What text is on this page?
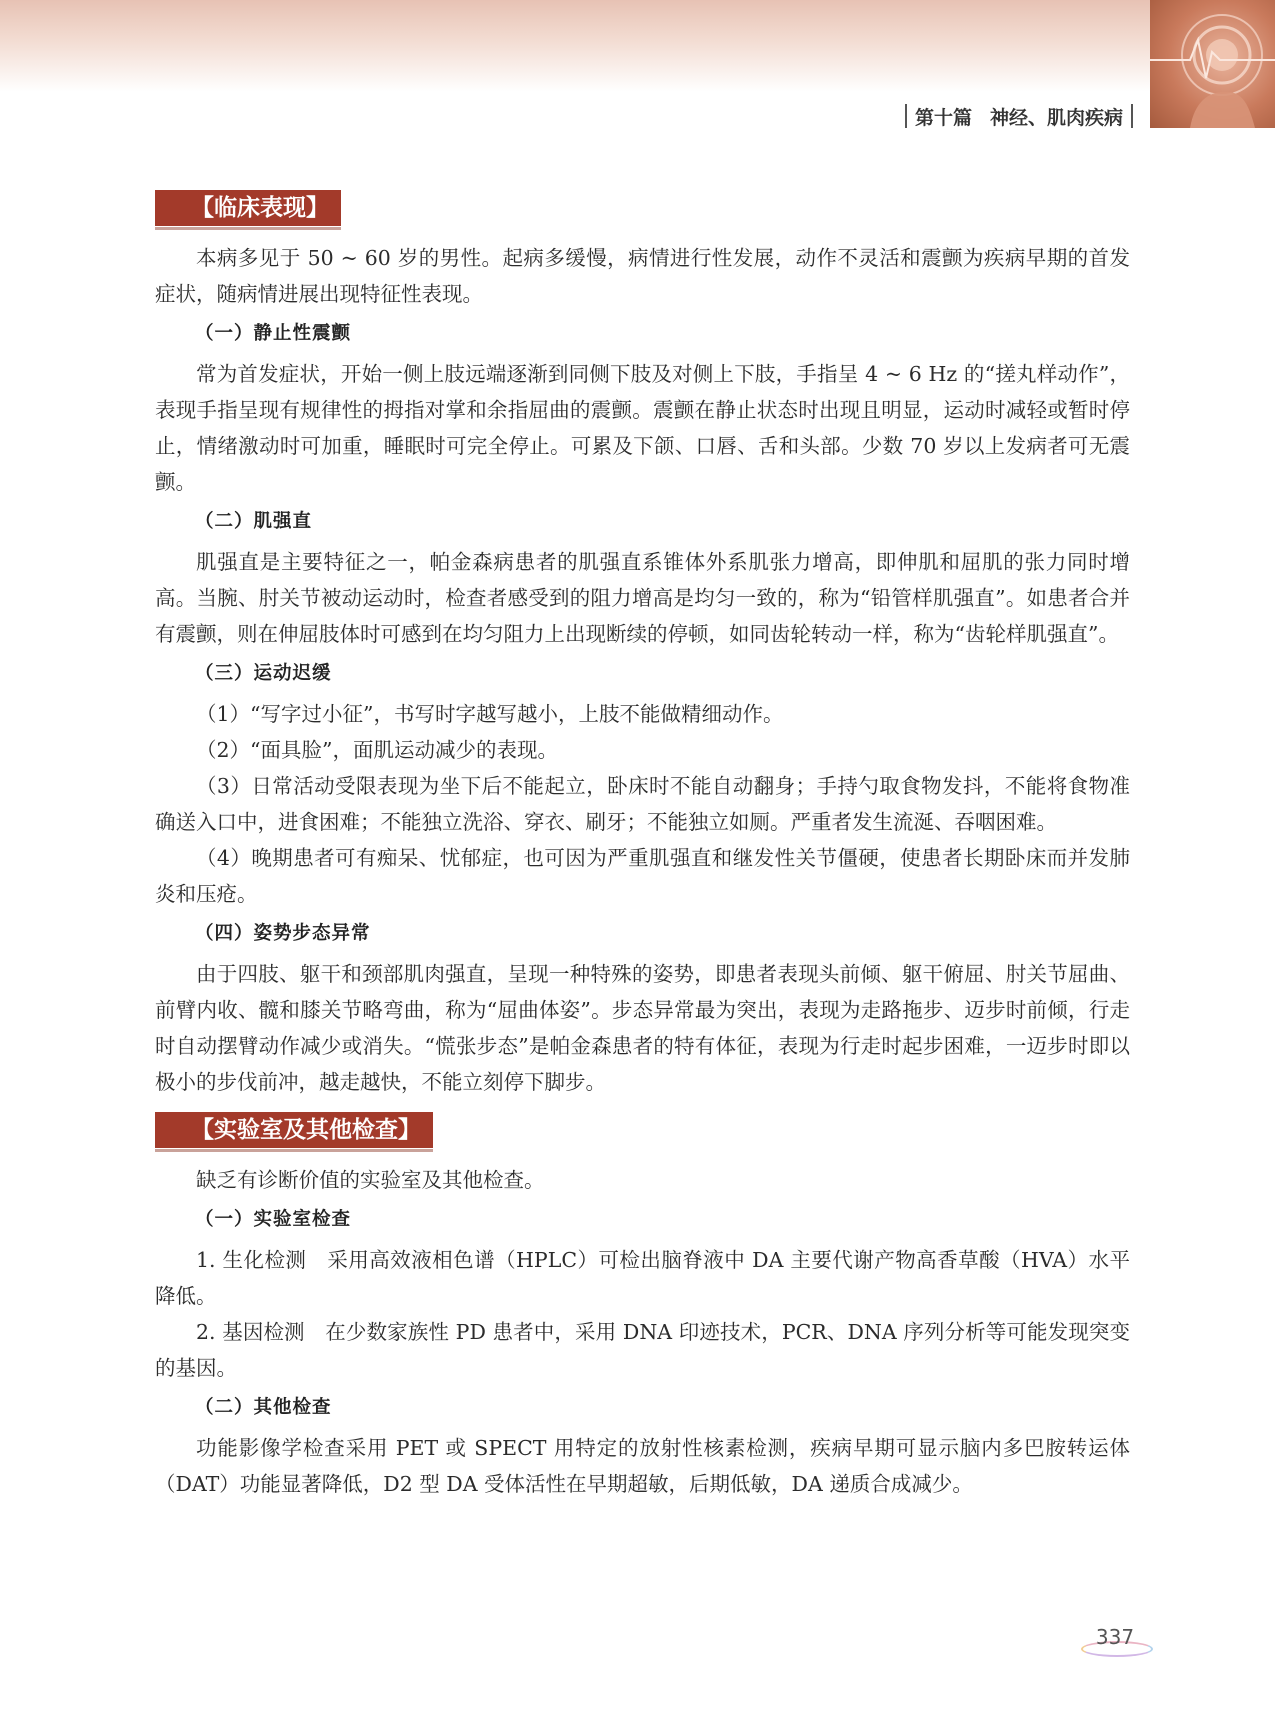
第十篇 神经、肌肉疾病
【临床表现】

本病多见于 50 ~ 60 岁的男性。起病多缓慢，病情进行性发展，动作不灵活和震颤为疾病早期的首发症状，随病情进展出现特征性表现。

（一）静止性震颤

常为首发症状，开始一侧上肢远端逐渐到同侧下肢及对侧上下肢，手指呈 4 ~ 6 Hz 的“搓丸样动作”，表现手指呈现有规律性的拇指对掌和余指屈曲的震颤。震颤在静止状态时出现且明显，运动时减轻或暂时停止，情绪激动时可加重，睡眠时可完全停止。可累及下颌、口唇、舌和头部。少数 70 岁以上发病者可无震颤。

（二）肌强直

肌强直是主要特征之一，帕金森病患者的肌强直系锥体外系肌张力增高，即伸肌和屈肌的张力同时增高。当腕、肘关节被动运动时，检查者感受到的阻力增高是均匀一致的，称为“铅管样肌强直”。如患者合并有震颤，则在伸屈肢体时可感到在均匀阻力上出现断续的停顿，如同齿轮转动一样，称为“齿轮样肌强直”。

（三）运动迟缓

（1）“写字过小征”，书写时字越写越小，上肢不能做精细动作。

（2）“面具脸”，面肌运动减少的表现。

（3）日常活动受限表现为坐下后不能起立，卧床时不能自动翻身；手持勺取食物发抖，不能将食物准确送入口中，进食困难；不能独立洗浴、穿衣、刷牙；不能独立如厕。严重者发生流涎、吞咽困难。

（4）晚期患者可有痴呆、忧郁症，也可因为严重肌强直和继发性关节僵硬，使患者长期卧床而并发肺炎和压疮。

（四）姿势步态异常

由于四肢、躯干和颈部肌肉强直，呈现一种特殊的姿势，即患者表现头前倾、躯干俯屈、肘关节屈曲、前臂内收、髋和膝关节略弯曲，称为“屈曲体姿”。步态异常最为突出，表现为走路拖步、迈步时前倾，行走时自动摆臂动作减少或消失。“慌张步态”是帕金森患者的特有体征，表现为行走时起步困难，一迈步时即以极小的步伐前冲，越走越快，不能立刻停下脚步。

【实验室及其他检查】

缺乏有诊断价值的实验室及其他检查。

（一）实验室检查

1. 生化检测　采用高效液相色谱（HPLC）可检出脑脊液中 DA 主要代谢产物高香草酸（HVA）水平降低。

2. 基因检测　在少数家族性 PD 患者中，采用 DNA 印迹技术，PCR、DNA 序列分析等可能发现突变的基因。

（二）其他检查

功能影像学检查采用 PET 或 SPECT 用特定的放射性核素检测，疾病早期可显示脑内多巴胺转运体（DAT）功能显著降低，D2 型 DA 受体活性在早期超敏，后期低敏，DA 递质合成减少。

337
